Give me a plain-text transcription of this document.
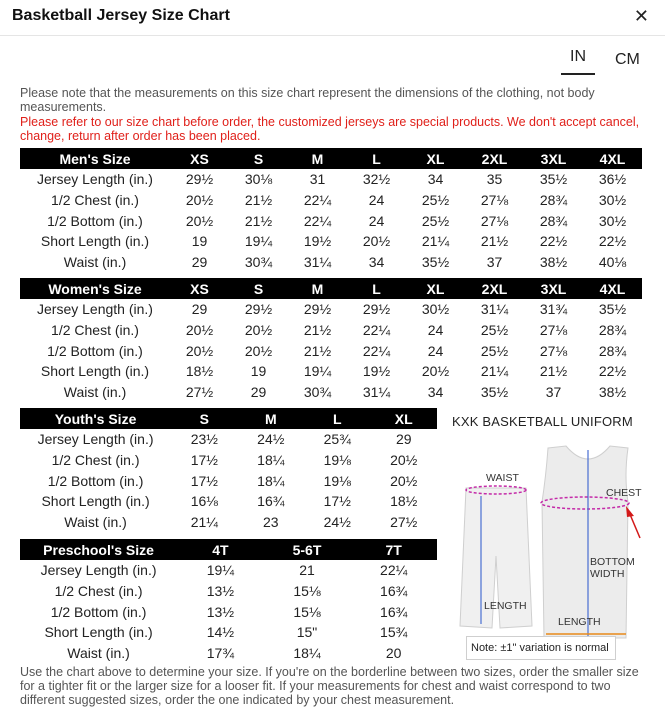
Basketball Jersey Size Chart	✕
IN	CM
Please note that the measurements on this size chart represent the dimensions of the clothing, not body measurements.
Please refer to our size chart before order, the customized jerseys are special products. We don't accept cancel, change, return after order has been placed.
Men's Size	XS	S	M	L	XL	2XL	3XL	4XL
Jersey Length (in.)	29½	30⅛	31	32½	34	35	35½	36½
1/2 Chest (in.)	20½	21½	22¼	24	25½	27⅛	28¾	30½
1/2 Bottom (in.)	20½	21½	22¼	24	25½	27⅛	28¾	30½
Short Length (in.)	19	19¼	19½	20½	21¼	21½	22½	22½
Waist (in.)	29	30¾	31¼	34	35½	37	38½	40⅛
Women's Size	XS	S	M	L	XL	2XL	3XL	4XL
Jersey Length (in.)	29	29½	29½	29½	30½	31¼	31¾	35½
1/2 Chest (in.)	20½	20½	21½	22¼	24	25½	27⅛	28¾
1/2 Bottom (in.)	20½	20½	21½	22¼	24	25½	27⅛	28¾
Short Length (in.)	18½	19	19¼	19½	20½	21¼	21½	22½
Waist (in.)	27½	29	30¾	31¼	34	35½	37	38½
Youth's Size	S	M	L	XL
Jersey Length (in.)	23½	24½	25¾	29
1/2 Chest (in.)	17½	18¼	19⅛	20½
1/2 Bottom (in.)	17½	18¼	19⅛	20½
Short Length (in.)	16⅛	16¾	17½	18½
Waist (in.)	21¼	23	24½	27½
Preschool's Size	4T	5-6T	7T
Jersey Length (in.)	19¼	21	22¼
1/2 Chest (in.)	13½	15⅛	16¾
1/2 Bottom (in.)	13½	15⅛	16¾
Short Length (in.)	14½	15"	15¾
Waist (in.)	17¾	18¼	20
KXK BASKETBALL UNIFORM
WAIST
CHEST
BOTTOM WIDTH
LENGTH
LENGTH
Note: ±1" variation is normal
Use the chart above to determine your size. If you're on the borderline between two sizes, order the smaller size for a tighter fit or the larger size for a looser fit. If your measurements for chest and waist correspond to two different suggested sizes, order the one indicated by your chest measurement.
